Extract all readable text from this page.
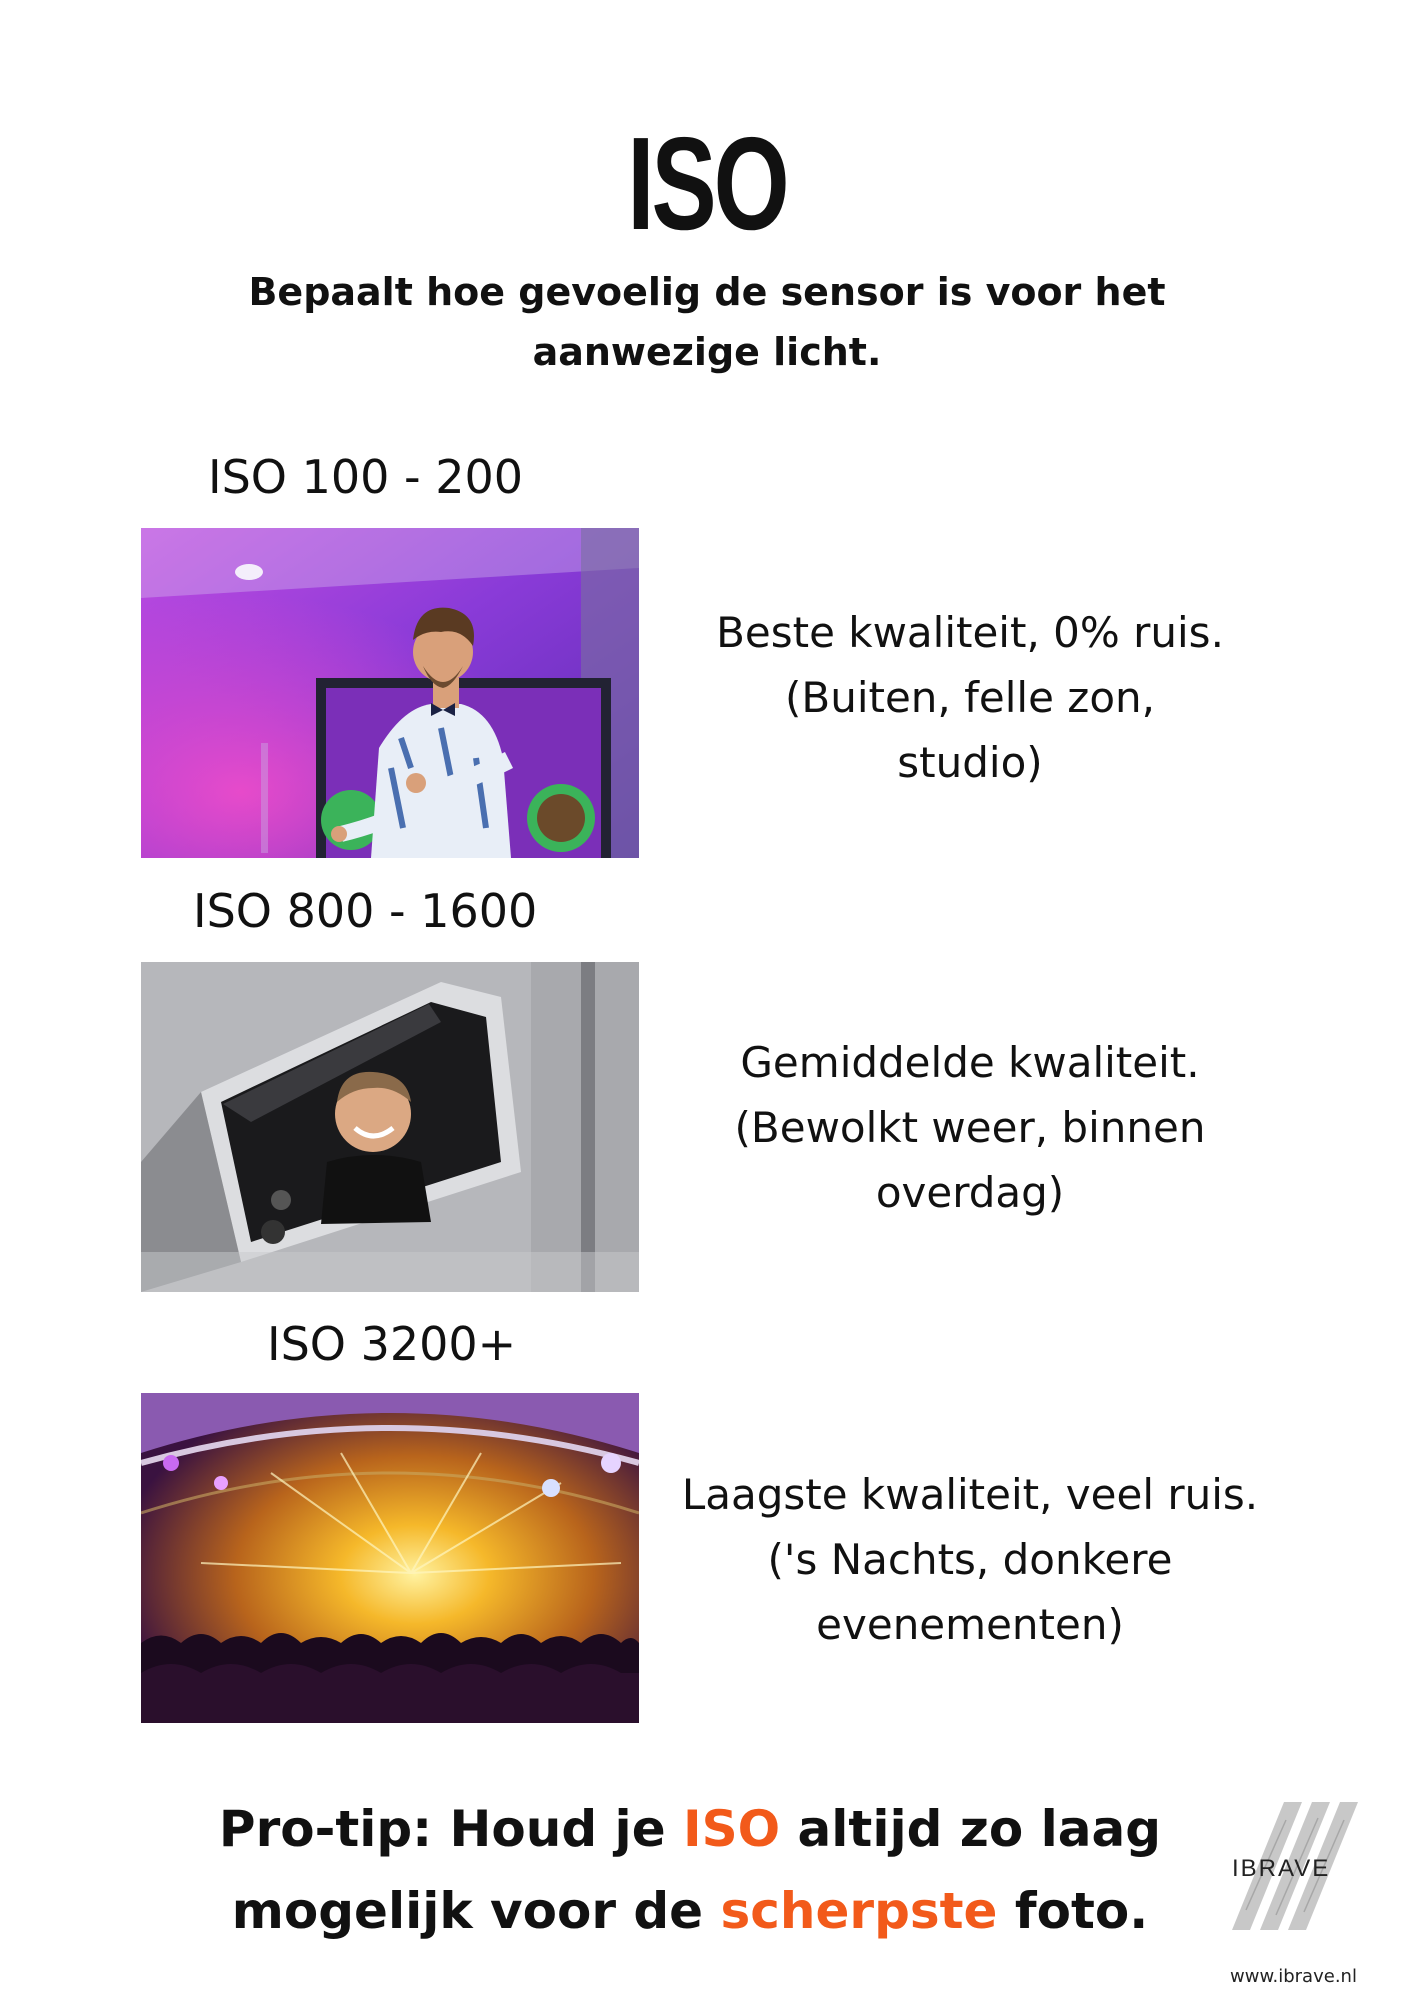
ISO
Bepaalt hoe gevoelig de sensor is voor het aanwezige licht.
ISO 100 - 200
Beste kwaliteit, 0% ruis.
(Buiten, felle zon,
studio)
ISO 800 - 1600
Gemiddelde kwaliteit.
(Bewolkt weer, binnen
overdag)
ISO 3200+
Laagste kwaliteit, veel ruis.
('s Nachts, donkere
evenementen)
Pro-tip: Houd je ISO altijd zo laag mogelijk voor de scherpste foto.
IBRAVE
www.ibrave.nl
